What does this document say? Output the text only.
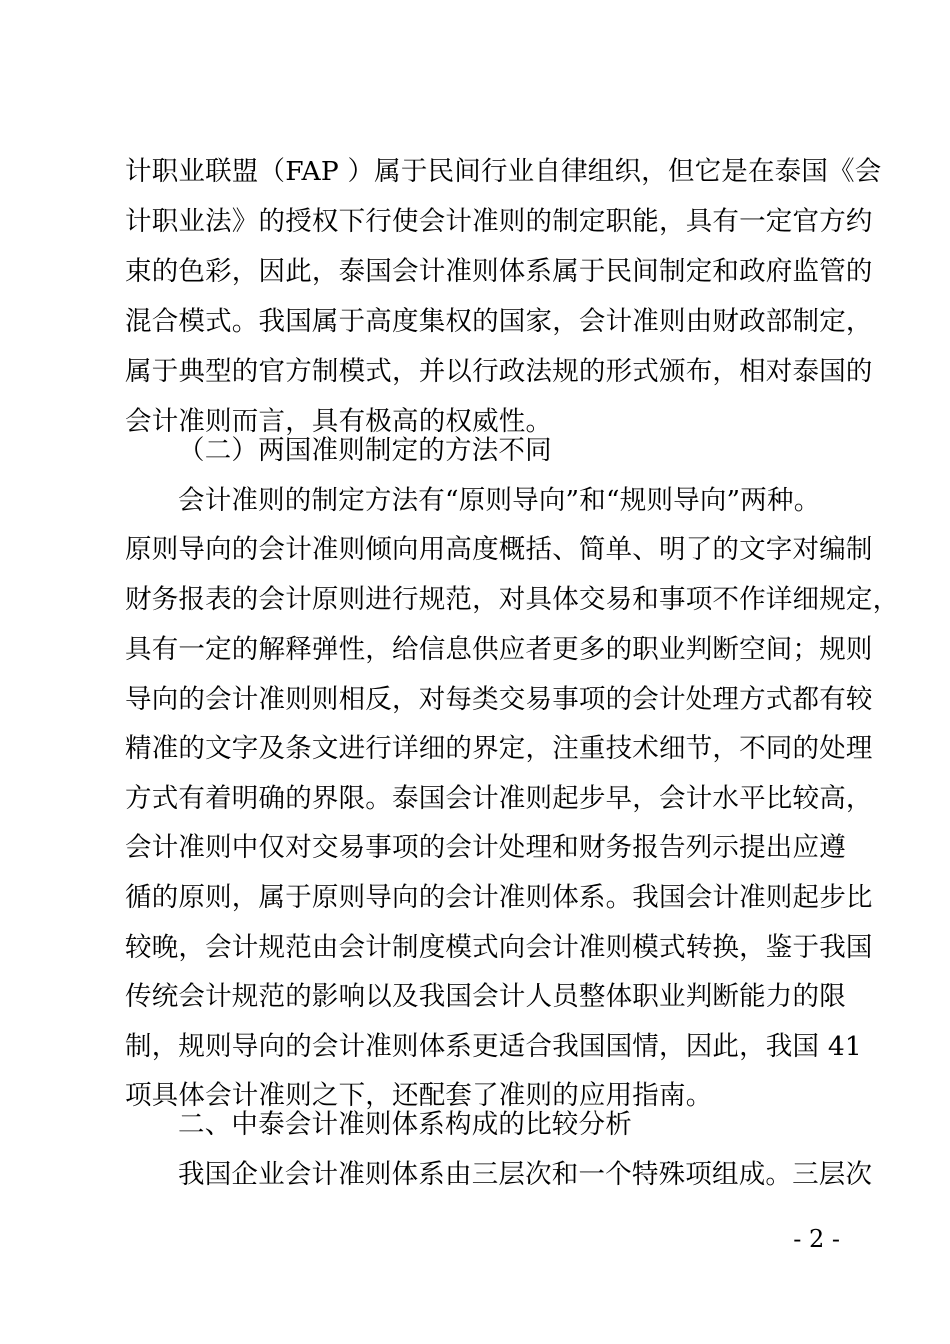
计职业联盟（FAP ）属于民间行业自律组织，但它是在泰国《会
计职业法》的授权下行使会计准则的制定职能，具有一定官方约
束的色彩，因此，泰国会计准则体系属于民间制定和政府监管的
混合模式。我国属于高度集权的国家，会计准则由财政部制定，
属于典型的官方制模式，并以行政法规的形式颁布，相对泰国的
会计准则而言，具有极高的权威性。
（二）两国准则制定的方法不同
会计准则的制定方法有“原则导向”和“规则导向”两种。
原则导向的会计准则倾向用高度概括、简单、明了的文字对编制
财务报表的会计原则进行规范，对具体交易和事项不作详细规定，
具有一定的解释弹性，给信息供应者更多的职业判断空间；规则
导向的会计准则则相反，对每类交易事项的会计处理方式都有较
精准的文字及条文进行详细的界定，注重技术细节，不同的处理
方式有着明确的界限。泰国会计准则起步早，会计水平比较高，
会计准则中仅对交易事项的会计处理和财务报告列示提出应遵
循的原则，属于原则导向的会计准则体系。我国会计准则起步比
较晚，会计规范由会计制度模式向会计准则模式转换，鉴于我国
传统会计规范的影响以及我国会计人员整体职业判断能力的限
制，规则导向的会计准则体系更适合我国国情，因此，我国 41
项具体会计准则之下，还配套了准则的应用指南。
二、中泰会计准则体系构成的比较分析
我国企业会计准则体系由三层次和一个特殊项组成。三层次
- 2 -
